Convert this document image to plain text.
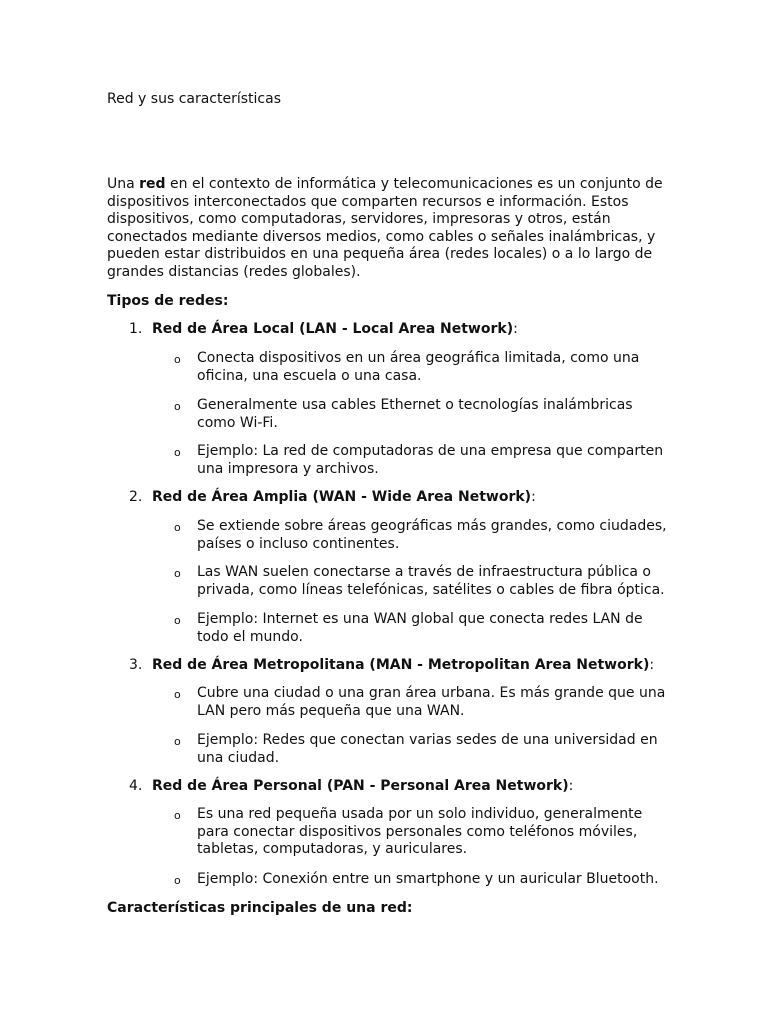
Red y sus características

Una red en el contexto de informática y telecomunicaciones es un conjunto de dispositivos interconectados que comparten recursos e información. Estos dispositivos, como computadoras, servidores, impresoras y otros, están conectados mediante diversos medios, como cables o señales inalámbricas, y pueden estar distribuidos en una pequeña área (redes locales) o a lo largo de grandes distancias (redes globales).

Tipos de redes:
1. Red de Área Local (LAN - Local Area Network):
o Conecta dispositivos en un área geográfica limitada, como una oficina, una escuela o una casa.
o Generalmente usa cables Ethernet o tecnologías inalámbricas como Wi-Fi.
o Ejemplo: La red de computadoras de una empresa que comparten una impresora y archivos.
2. Red de Área Amplia (WAN - Wide Area Network):
o Se extiende sobre áreas geográficas más grandes, como ciudades, países o incluso continentes.
o Las WAN suelen conectarse a través de infraestructura pública o privada, como líneas telefónicas, satélites o cables de fibra óptica.
o Ejemplo: Internet es una WAN global que conecta redes LAN de todo el mundo.
3. Red de Área Metropolitana (MAN - Metropolitan Area Network):
o Cubre una ciudad o una gran área urbana. Es más grande que una LAN pero más pequeña que una WAN.
o Ejemplo: Redes que conectan varias sedes de una universidad en una ciudad.
4. Red de Área Personal (PAN - Personal Area Network):
o Es una red pequeña usada por un solo individuo, generalmente para conectar dispositivos personales como teléfonos móviles, tabletas, computadoras, y auriculares.
o Ejemplo: Conexión entre un smartphone y un auricular Bluetooth.
Características principales de una red:
